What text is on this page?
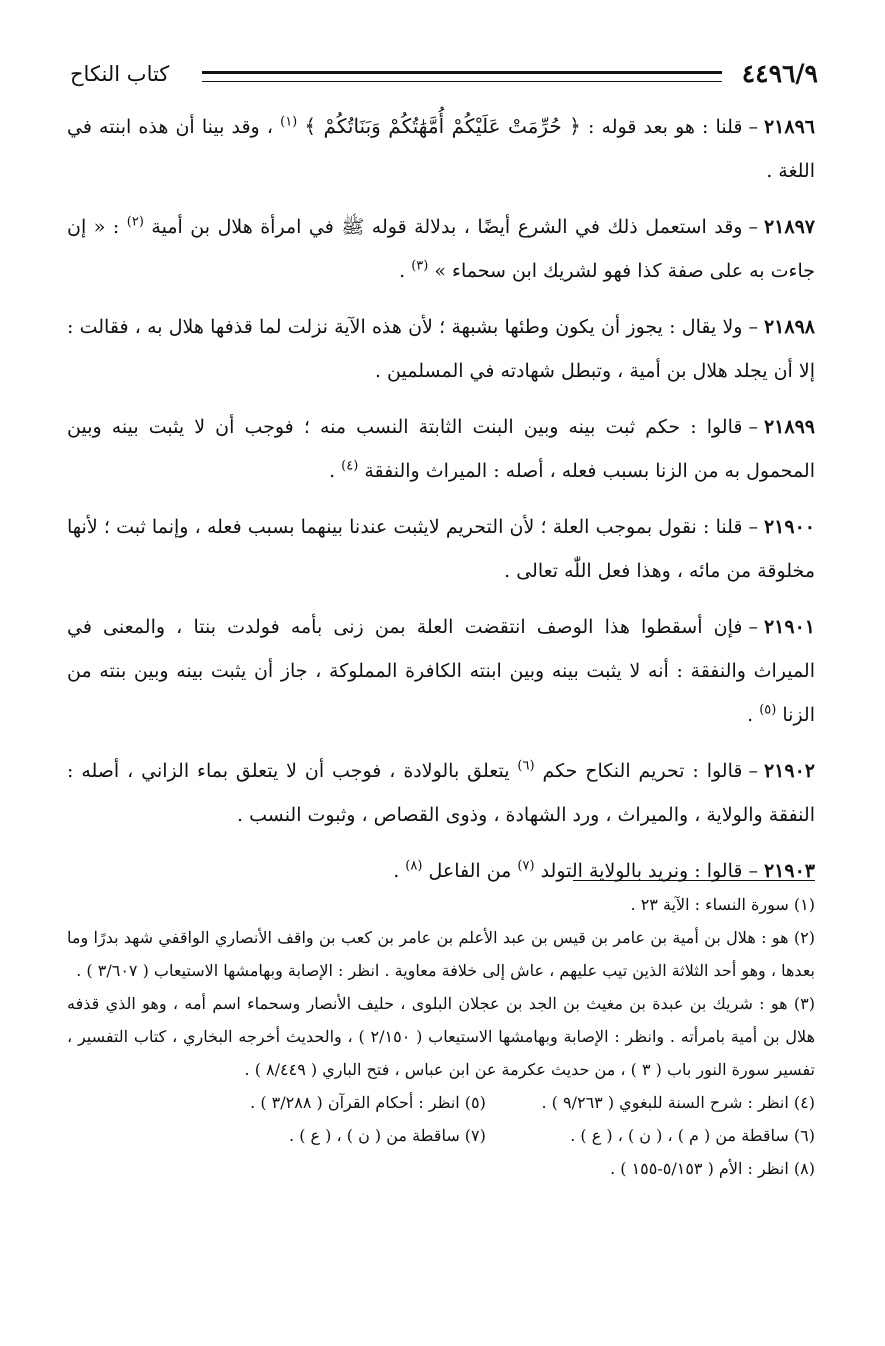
٤٤٩٦/٩
كتاب النكاح

٢١٨٩٦–قلنا : هو بعد قوله : ﴿ حُرِّمَتْ عَلَيْكُمْ أُمَّهَٰتُكُمْ وَبَنَاتُكُمْ ﴾ $^{(١)}$ ، وقد بينا أن هذه ابنته في اللغة .

٢١٨٩٧–وقد استعمل ذلك في الشرع أيضًا ، بدلالة قوله ﷺ في امرأة هلال بن أمية $^{(٢)}$ : « إن جاءت به على صفة كذا فهو لشريك ابن سحماء » $^{(٣)}$ .

٢١٨٩٨–ولا يقال : يجوز أن يكون وطئها بشبهة ؛ لأن هذه الآية نزلت لما قذفها هلال به ، فقالت : إلا أن يجلد هلال بن أمية ، وتبطل شهادته في المسلمين .

٢١٨٩٩–قالوا : حكم ثبت بينه وبين البنت الثابتة النسب منه ؛ فوجب أن لا يثبت بينه وبين المحمول به من الزنا بسبب فعله ، أصله : الميراث والنفقة $^{(٤)}$ .

٢١٩٠٠–قلنا : نقول بموجب العلة ؛ لأن التحريم لايثبت عندنا بينهما بسبب فعله ، وإنما ثبت ؛ لأنها مخلوقة من مائه ، وهذا فعل اللّٰه تعالى .

٢١٩٠١–فإن أسقطوا هذا الوصف انتقضت العلة بمن زنى بأمه فولدت بنتا ، والمعنى في الميراث والنفقة : أنه لا يثبت بينه وبين ابنته الكافرة المملوكة ، جاز أن يثبت بينه وبين بنته من الزنا $^{(٥)}$ .

٢١٩٠٢–قالوا : تحريم النكاح حكم $^{(٦)}$ يتعلق بالولادة ، فوجب أن لا يتعلق بماء الزاني ، أصله : النفقة والولاية ، والميراث ، ورد الشهادة ، وذوى القصاص ، وثبوت النسب .

٢١٩٠٣–قالوا : ونريد بالولاية التولد $^{(٧)}$ من الفاعل $^{(٨)}$ .

(١) سورة النساء : الآية ٢٣ .

(٢) هو : هلال بن أمية بن عامر بن قيس بن عبد الأعلم بن عامر بن كعب بن واقف الأنصاري الواقفي شهد بدرًا وما بعدها ، وهو أحد الثلاثة الذين تيب عليهم ، عاش إلى خلافة معاوية . انظر : الإصابة وبهامشها الاستيعاب ( ٣/٦٠٧ ) .

(٣) هو : شريك بن عبدة بن مغيث بن الجد بن عجلان البلوى ، حليف الأنصار وسحماء اسم أمه ، وهو الذي قذفه هلال بن أمية بامرأته . وانظر : الإصابة وبهامشها الاستيعاب ( ٢/١٥٠ ) ، والحديث أخرجه البخاري ، كتاب التفسير ، تفسير سورة النور باب ( ٣ ) ، من حديث عكرمة عن ابن عباس ، فتح الباري ( ٨/٤٤٩ ) .

(٤) انظر : شرح السنة للبغوي ( ٩/٢٦٣ ) .
(٥) انظر : أحكام القرآن ( ٣/٢٨٨ ) .
(٦) ساقطة من ( م ) ، ( ن ) ، ( ع ) .
(٧) ساقطة من ( ن ) ، ( ع ) .

(٨) انظر : الأم ( ٥/١٥٣-١٥٥ ) .
